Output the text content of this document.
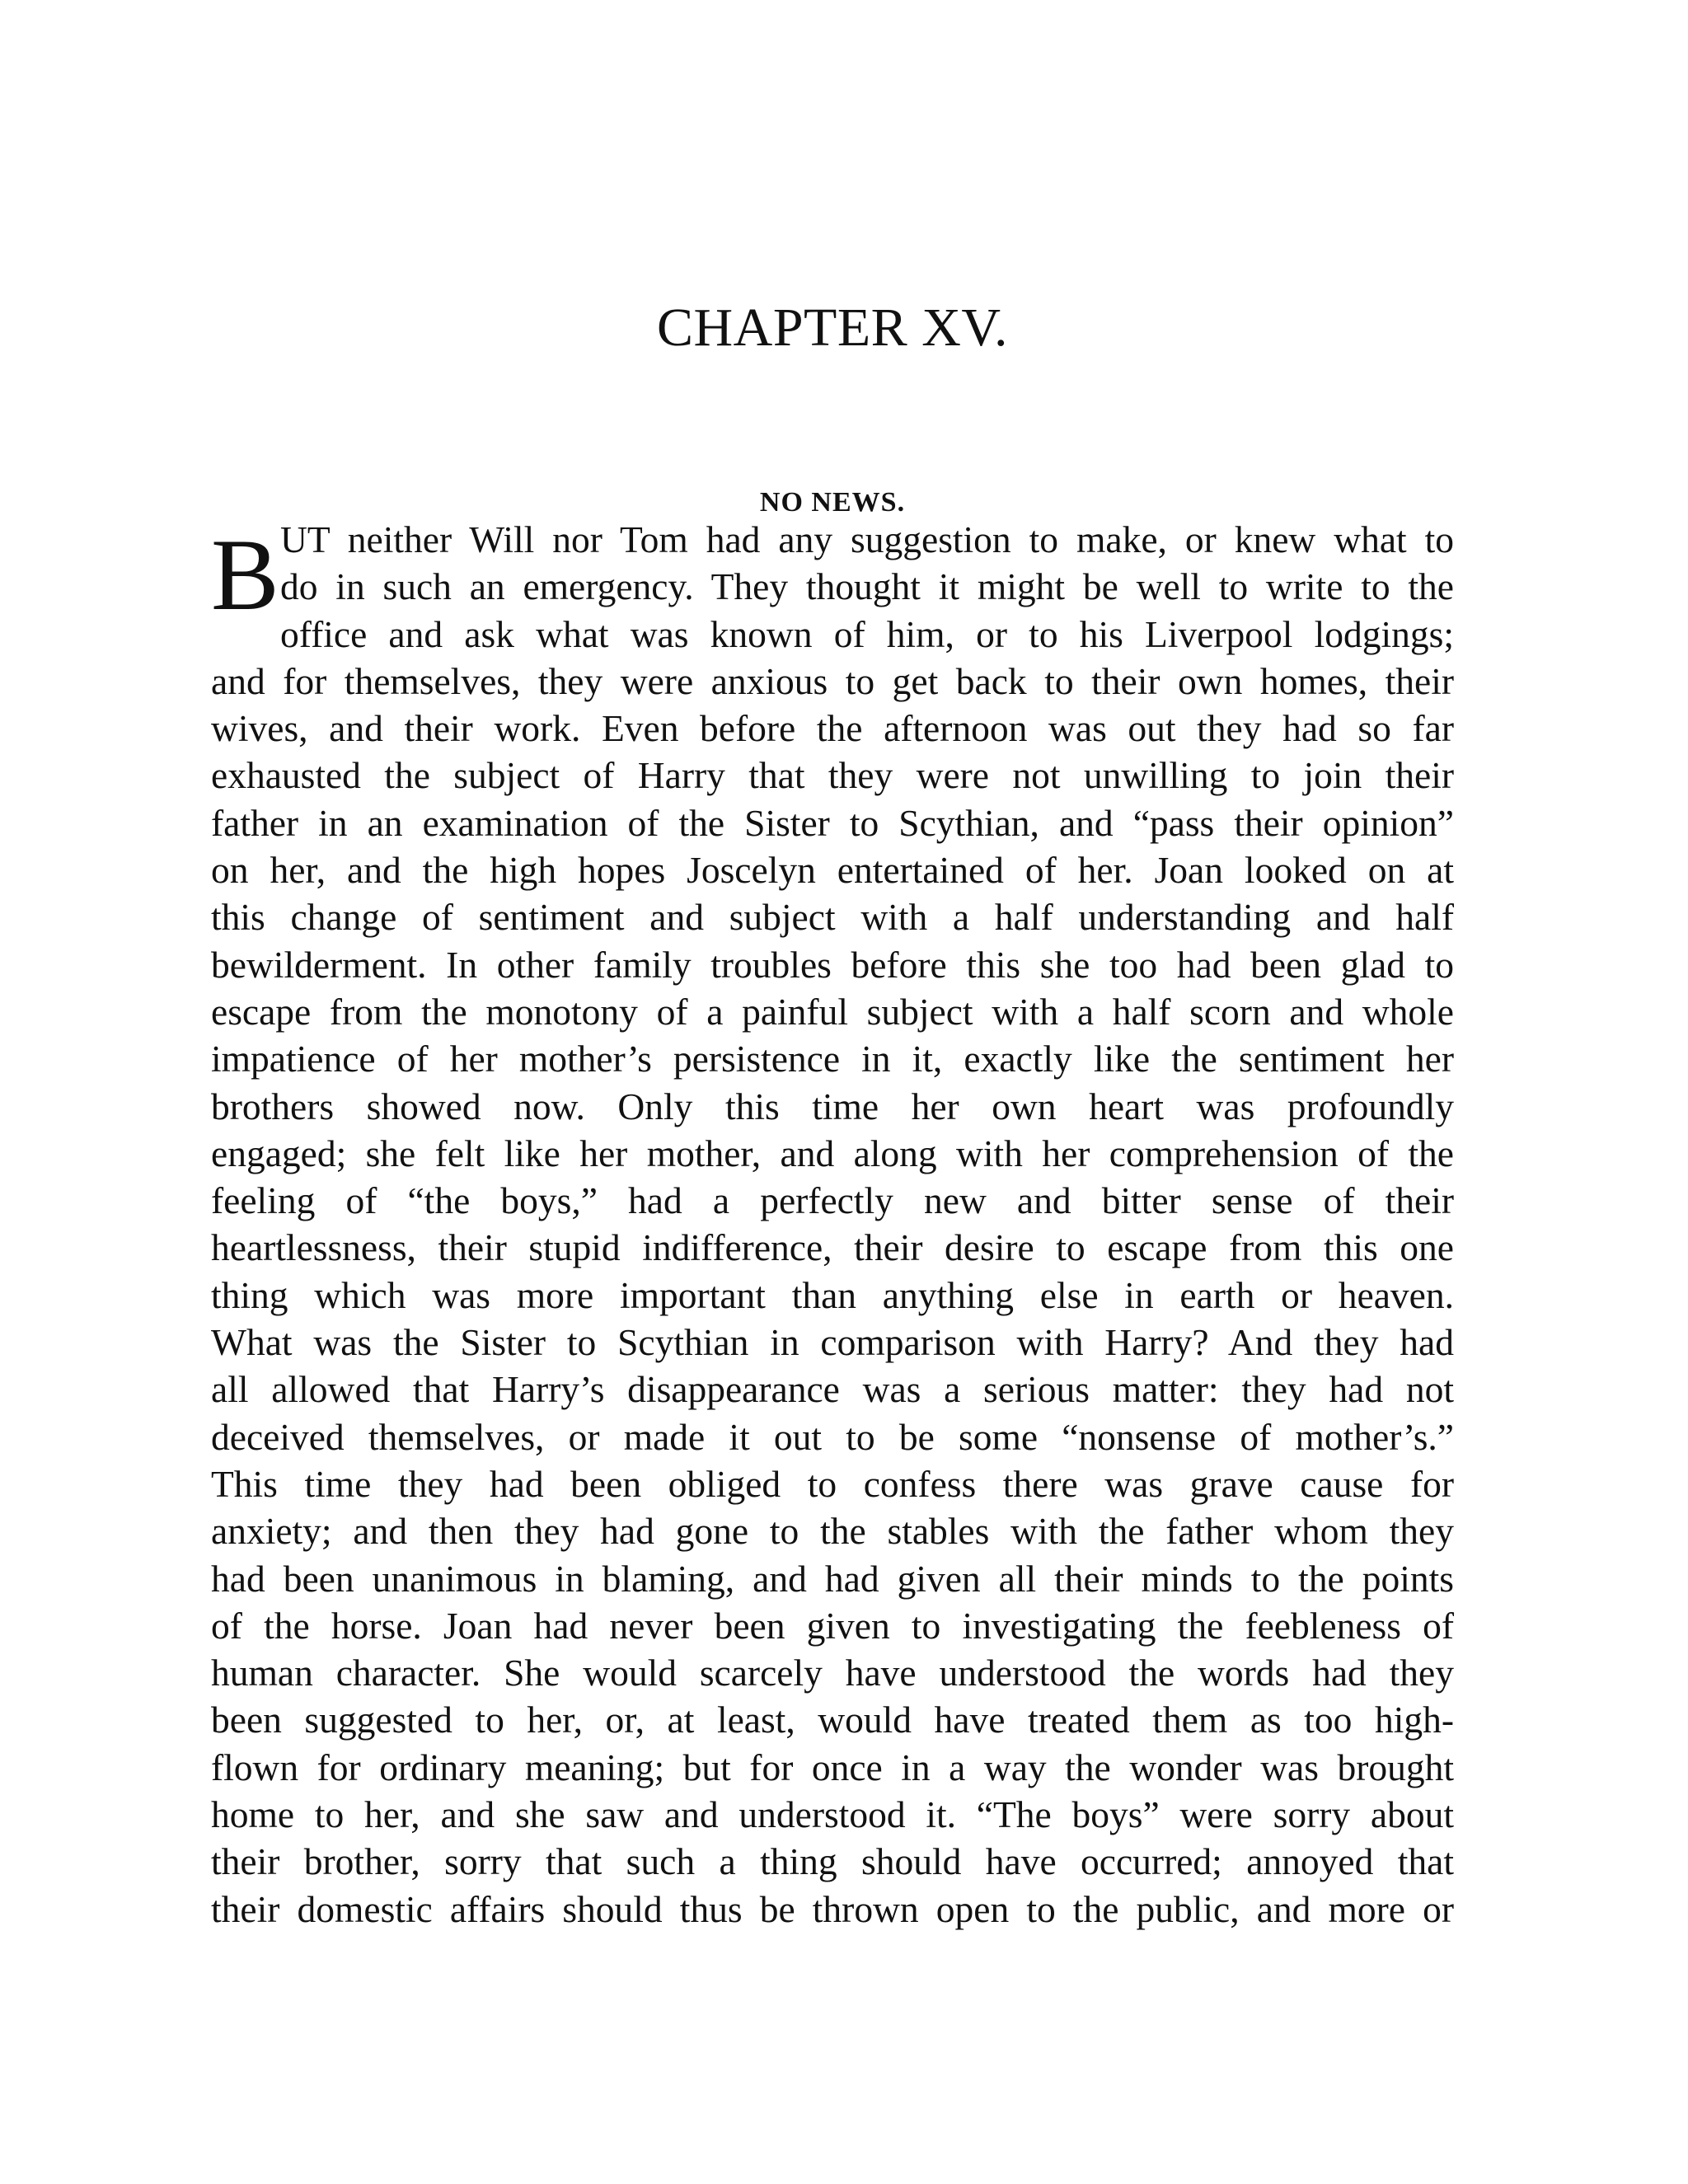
CHAPTER XV.
NO NEWS.
B UT neither Will nor Tom had any suggestion to make, or knew what to
do in such an emergency. They thought it might be well to write to the
office and ask what was known of him, or to his Liverpool lodgings;
and for themselves, they were anxious to get back to their own homes, their
wives, and their work. Even before the afternoon was out they had so far
exhausted the subject of Harry that they were not unwilling to join their
father in an examination of the Sister to Scythian, and “pass their opinion”
on her, and the high hopes Joscelyn entertained of her. Joan looked on at
this change of sentiment and subject with a half understanding and half
bewilderment. In other family troubles before this she too had been glad to
escape from the monotony of a painful subject with a half scorn and whole
impatience of her mother’s persistence in it, exactly like the sentiment her
brothers showed now. Only this time her own heart was profoundly
engaged; she felt like her mother, and along with her comprehension of the
feeling of “the boys,” had a perfectly new and bitter sense of their
heartlessness, their stupid indifference, their desire to escape from this one
thing which was more important than anything else in earth or heaven.
What was the Sister to Scythian in comparison with Harry? And they had
all allowed that Harry’s disappearance was a serious matter: they had not
deceived themselves, or made it out to be some “nonsense of mother’s.”
This time they had been obliged to confess there was grave cause for
anxiety; and then they had gone to the stables with the father whom they
had been unanimous in blaming, and had given all their minds to the points
of the horse. Joan had never been given to investigating the feebleness of
human character. She would scarcely have understood the words had they
been suggested to her, or, at least, would have treated them as too high-
flown for ordinary meaning; but for once in a way the wonder was brought
home to her, and she saw and understood it. “The boys” were sorry about
their brother, sorry that such a thing should have occurred; annoyed that
their domestic affairs should thus be thrown open to the public, and more or
